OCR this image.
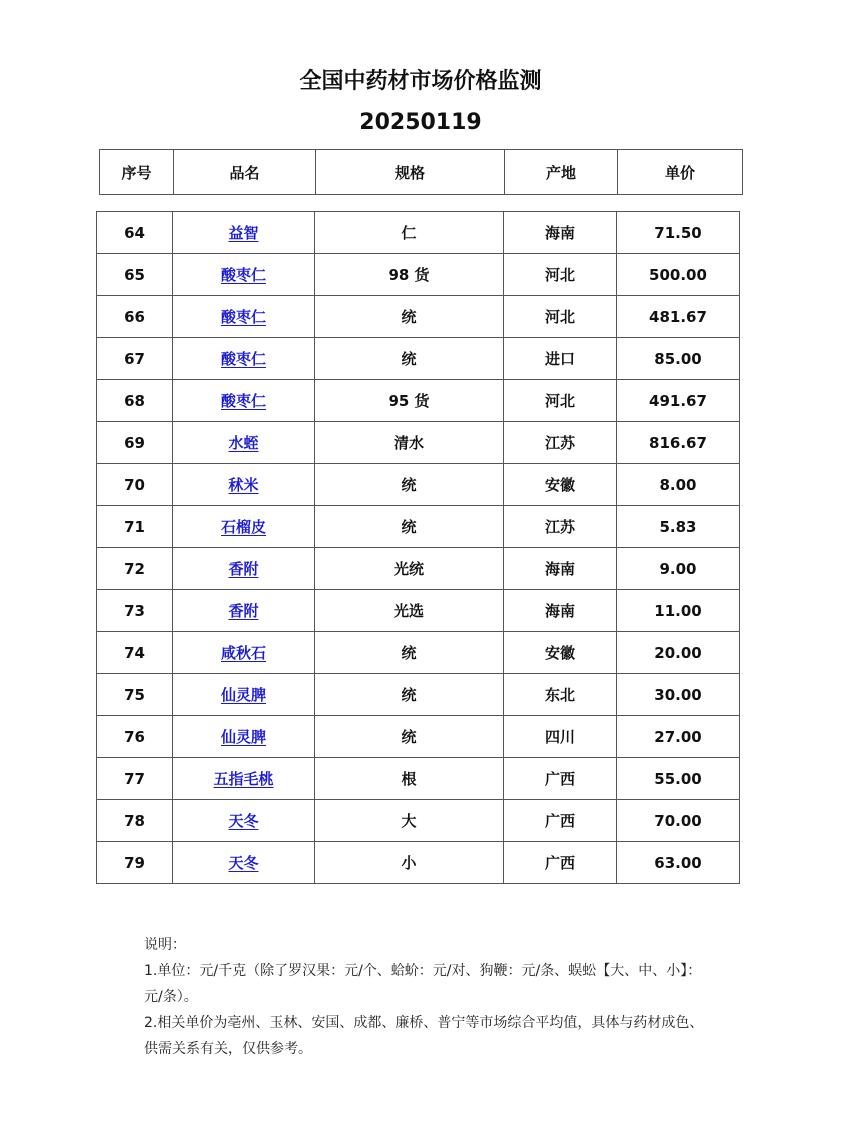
全国中药材市场价格监测
20250119
序号	品名	规格	产地	单价
64	益智	仁	海南	71.50
65	酸枣仁	98 货	河北	500.00
66	酸枣仁	统	河北	481.67
67	酸枣仁	统	进口	85.00
68	酸枣仁	95 货	河北	491.67
69	水蛭	清水	江苏	816.67
70	秫米	统	安徽	8.00
71	石榴皮	统	江苏	5.83
72	香附	光统	海南	9.00
73	香附	光选	海南	11.00
74	咸秋石	统	安徽	20.00
75	仙灵脾	统	东北	30.00
76	仙灵脾	统	四川	27.00
77	五指毛桃	根	广西	55.00
78	天冬	大	广西	70.00
79	天冬	小	广西	63.00

说明：

1.单位：元/千克（除了罗汉果：元/个、蛤蚧：元/对、狗鞭：元/条、蜈蚣【大、中、小】：元/条）。

2.相关单价为亳州、玉林、安国、成都、廉桥、普宁等市场综合平均值，具体与药材成色、供需关系有关，仅供参考。
